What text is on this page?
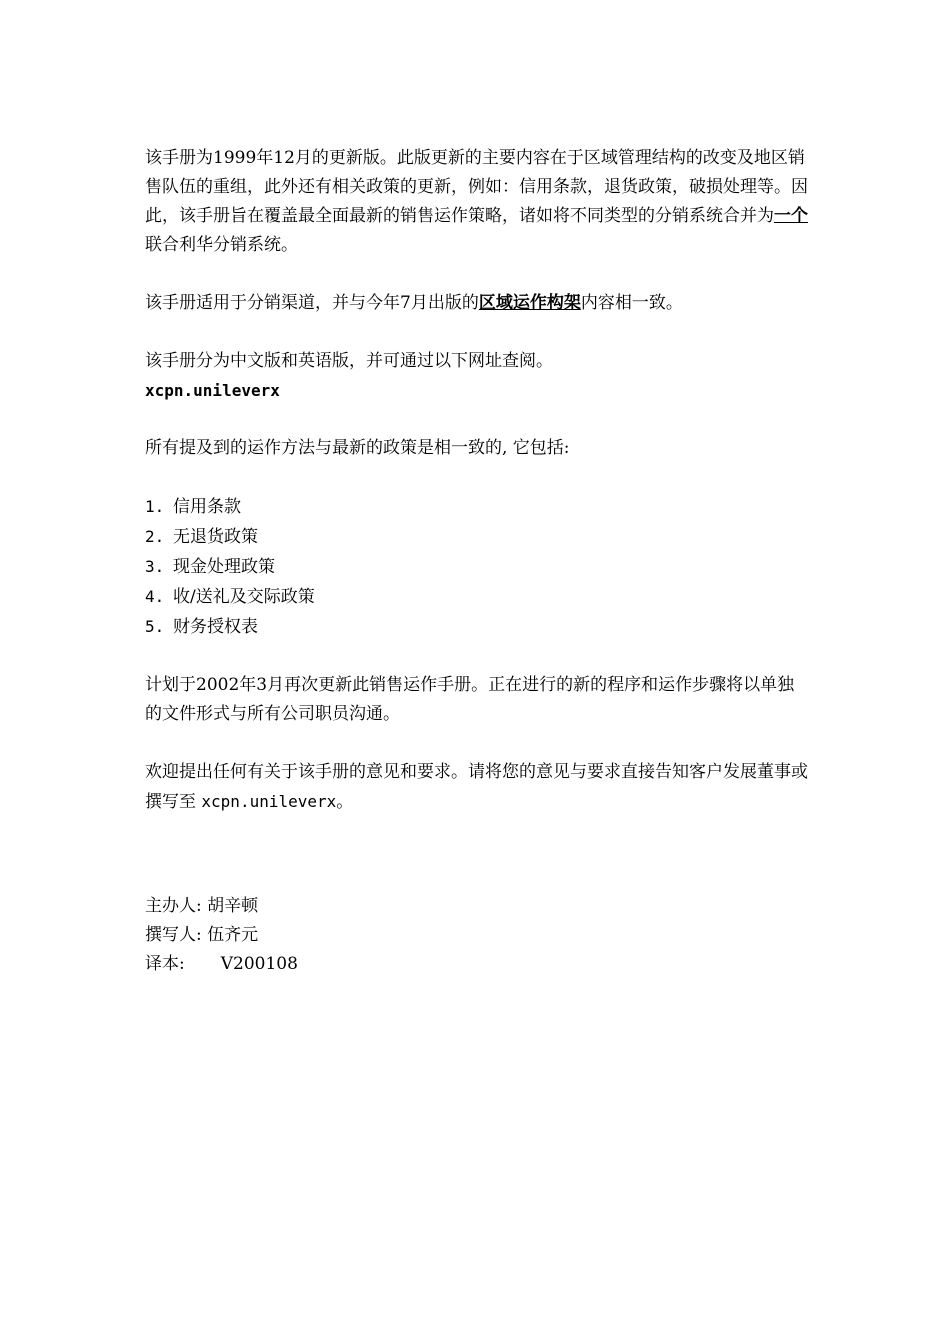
该手册为1999年12月的更新版。此版更新的主要内容在于区域管理结构的改变及地区销售队伍的重组，此外还有相关政策的更新，例如：信用条款，退货政策，破损处理等。因此，该手册旨在覆盖最全面最新的销售运作策略，诸如将不同类型的分销系统合并为一个联合利华分销系统。

该手册适用于分销渠道，并与今年7月出版的区域运作构架内容相一致。

该手册分为中文版和英语版，并可通过以下网址查阅。

xcpn.unileverx

所有提及到的运作方法与最新的政策是相一致的, 它包括:

1. 信用条款
2. 无退货政策
3. 现金处理政策
4. 收/送礼及交际政策
5. 财务授权表

计划于2002年3月再次更新此销售运作手册。正在进行的新的程序和运作步骤将以单独的文件形式与所有公司职员沟通。

欢迎提出任何有关于该手册的意见和要求。请将您的意见与要求直接告知客户发展董事或撰写至 xcpn.unileverx。

主办人: 胡辛顿
撰写人: 伍齐元
译本: V200108
